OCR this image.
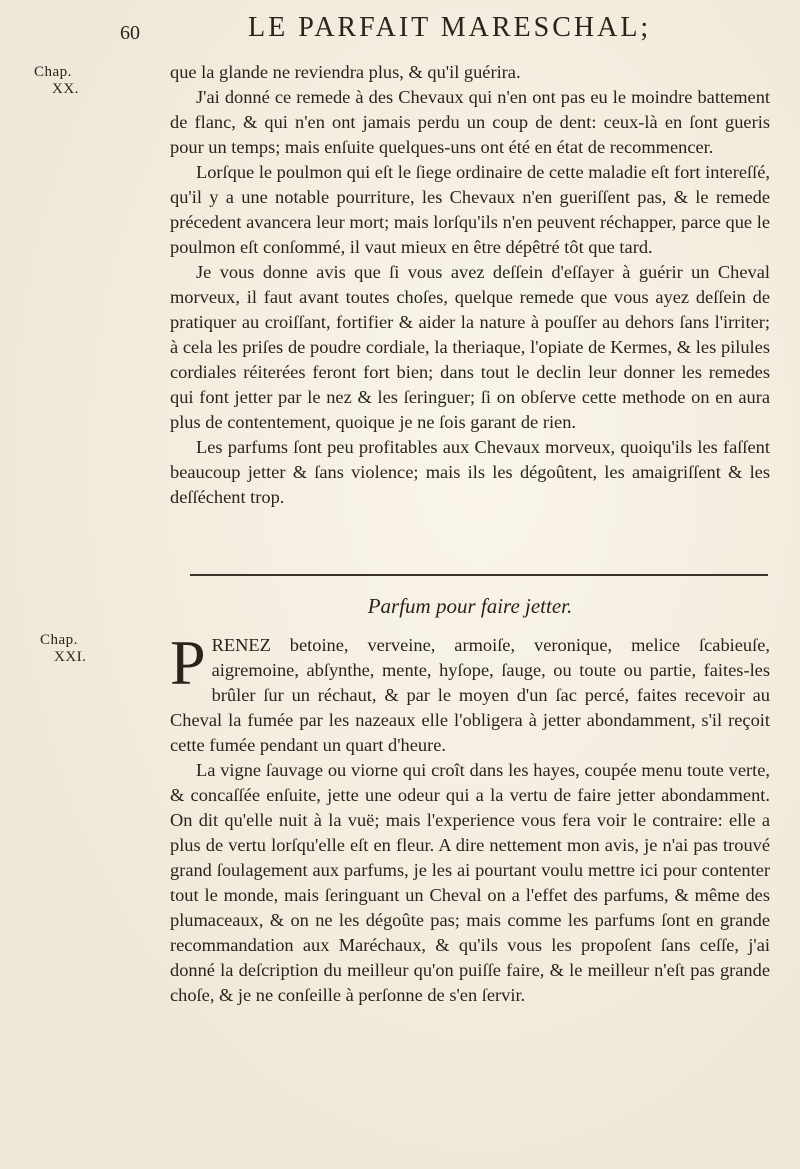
60	LE PARFAIT MARESCHAL;
Chap.
XX.

que la glande ne reviendra plus, & qu'il guérira.

J'ai donné ce remede à des Chevaux qui n'en ont pas eu le moindre battement de flanc, & qui n'en ont jamais perdu un coup de dent: ceux-là en ſont gueris pour un temps; mais enſuite quelques-uns ont été en état de recommencer.

Lorſque le poulmon qui eſt le ſiege ordinaire de cette maladie eſt fort intereſſé, qu'il y a une notable pourriture, les Chevaux n'en gueriſſent pas, & le remede précedent avancera leur mort; mais lorſqu'ils n'en peuvent réchapper, parce que le poulmon eſt conſommé, il vaut mieux en être dépêtré tôt que tard.

Je vous donne avis que ſi vous avez deſſein d'eſſayer à guérir un Cheval morveux, il faut avant toutes choſes, quelque remede que vous ayez deſſein de pratiquer au croiſſant, fortifier & aider la nature à pouſſer au dehors ſans l'irriter; à cela les priſes de poudre cordiale, la theriaque, l'opiate de Kermes, & les pilules cordiales réiterées feront fort bien; dans tout le declin leur donner les remedes qui font jetter par le nez & les ſeringuer; ſi on obſerve cette methode on en aura plus de contentement, quoique je ne ſois garant de rien.

Les parfums ſont peu profitables aux Chevaux morveux, quoiqu'ils les faſſent beaucoup jetter & ſans violence; mais ils les dégoûtent, les amaigriſſent & les deſſéchent trop.

Parfum pour faire jetter.
Chap.
XXI. PRENEZ betoine, verveine, armoiſe, veronique, melice ſcabieuſe, aigremoine, abſynthe, mente, hyſope, ſauge, ou toute ou partie, faites-les brûler ſur un réchaut, & par le moyen d'un ſac percé, faites recevoir au Cheval la fumée par les nazeaux elle l'obligera à jetter abondamment, s'il reçoit cette fumée pendant un quart d'heure.

La vigne ſauvage ou viorne qui croît dans les hayes, coupée menu toute verte, & concaſſée enſuite, jette une odeur qui a la vertu de faire jetter abondamment. On dit qu'elle nuit à la vuë; mais l'experience vous fera voir le contraire: elle a plus de vertu lorſqu'elle eſt en fleur. A dire nettement mon avis, je n'ai pas trouvé grand ſoulagement aux parfums, je les ai pourtant voulu mettre ici pour contenter tout le monde, mais ſeringuant un Cheval on a l'effet des parfums, & même des plumaceaux, & on ne les dégoûte pas; mais comme les parfums ſont en grande recommandation aux Maréchaux, & qu'ils vous les propoſent ſans ceſſe, j'ai donné la deſcription du meilleur qu'on puiſſe faire, & le meilleur n'eſt pas grande choſe, & je ne conſeille à perſonne de s'en ſervir.
